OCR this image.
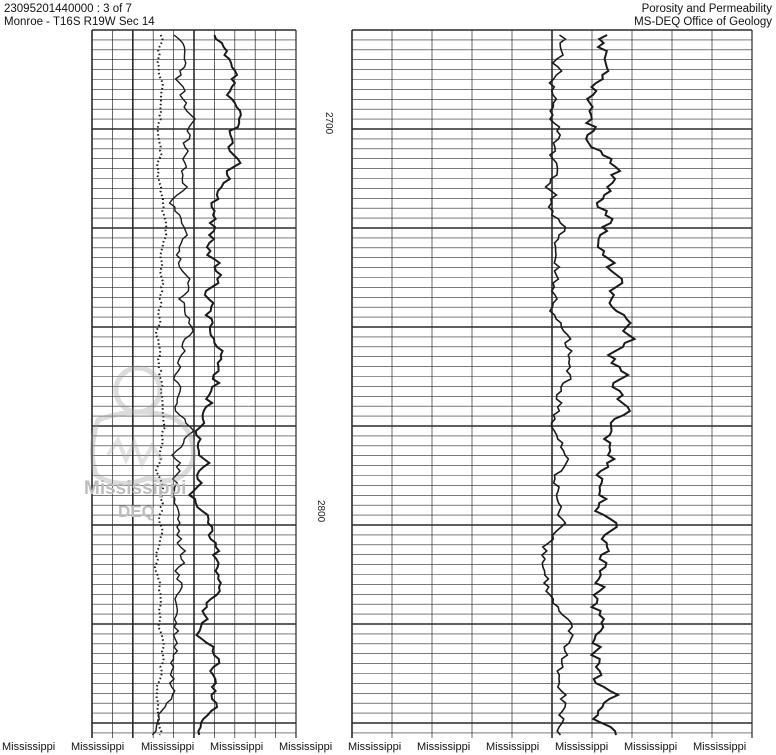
23095201440000 : 3 of 7
Monroe - T16S R19W Sec 14
Porosity and Permeability
MS-DEQ Office of Geology
2700
2800
Mississippi
DEQ
Mississippi Mississippi Mississippi Mississippi Mississippi Mississippi Mississippi Mississippi Mississippi Mississippi Mississippi
